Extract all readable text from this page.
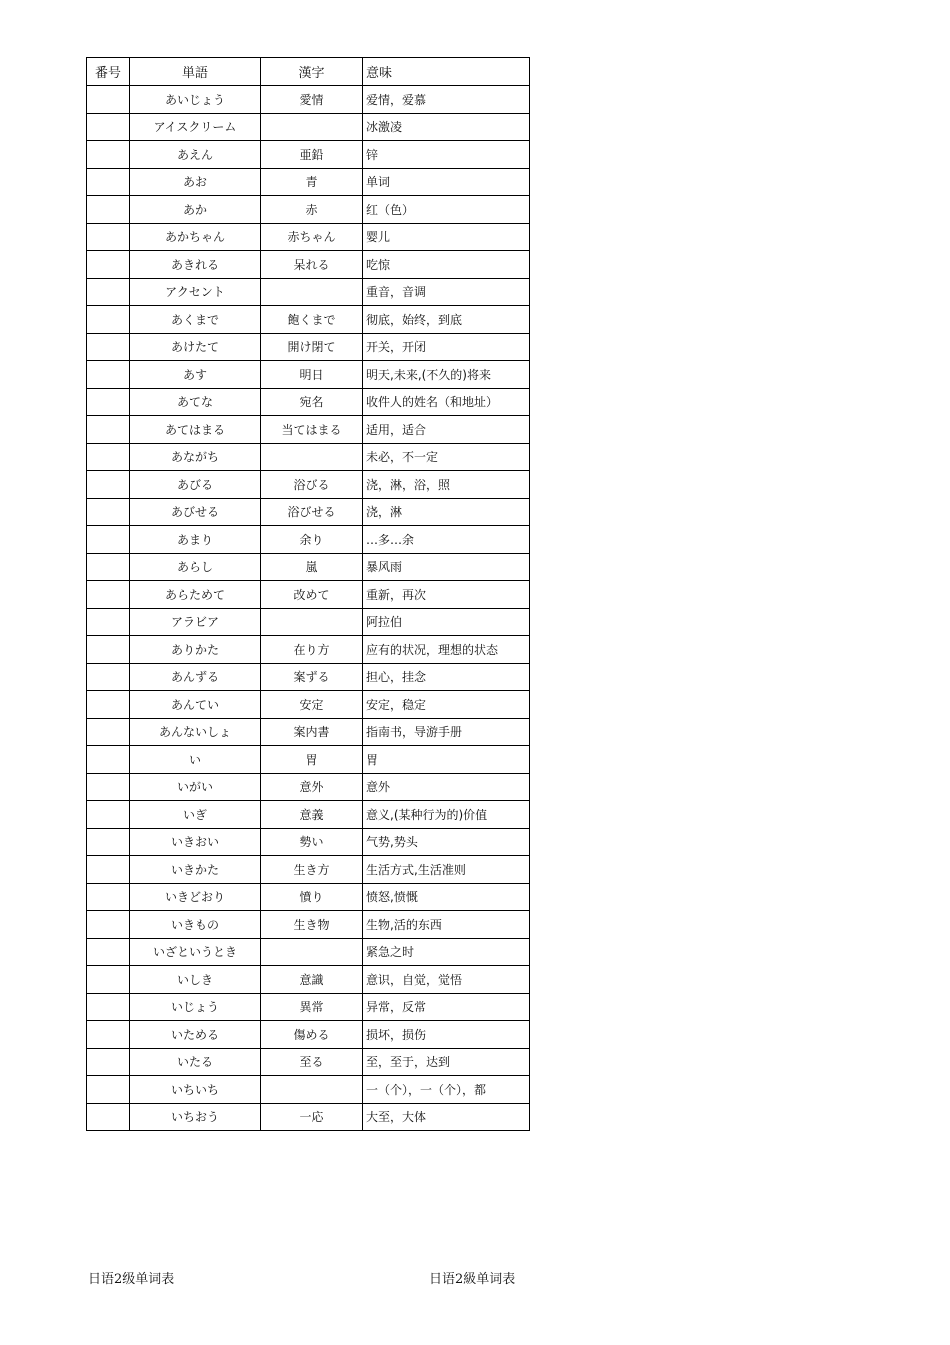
番号	単語	漢字	意味
	あいじょう	愛情	爱情，爱慕
	アイスクリーム		冰激凌
	あえん	亜鉛	锌
	あお	青	单词
	あか	赤	红（色）
	あかちゃん	赤ちゃん	婴儿
	あきれる	呆れる	吃惊
	アクセント		重音，音调
	あくまで	飽くまで	彻底，始终，到底
	あけたて	開け閉て	开关，开闭
	あす	明日	明天,未来,(不久的)将来
	あてな	宛名	收件人的姓名（和地址）
	あてはまる	当てはまる	适用，适合
	あながち		未必，不一定
	あびる	浴びる	浇，淋，浴，照
	あびせる	浴びせる	浇，淋
	あまり	余り	…多…余
	あらし	嵐	暴风雨
	あらためて	改めて	重新，再次
	アラビア		阿拉伯
	ありかた	在り方	应有的状况，理想的状态
	あんずる	案ずる	担心，挂念
	あんてい	安定	安定，稳定
	あんないしょ	案内書	指南书，导游手册
	い	胃	胃
	いがい	意外	意外
	いぎ	意義	意义,(某种行为的)价值
	いきおい	勢い	气势,势头
	いきかた	生き方	生活方式,生活准则
	いきどおり	憤り	愤怒,愤慨
	いきもの	生き物	生物,活的东西
	いざというとき		紧急之时
	いしき	意識	意识，自觉，觉悟
	いじょう	異常	异常，反常
	いためる	傷める	损坏，损伤
	いたる	至る	至，至于，达到
	いちいち		一（个），一（个），都
	いちおう	一応	大至，大体
日语2级单词表	日语2級单词表
